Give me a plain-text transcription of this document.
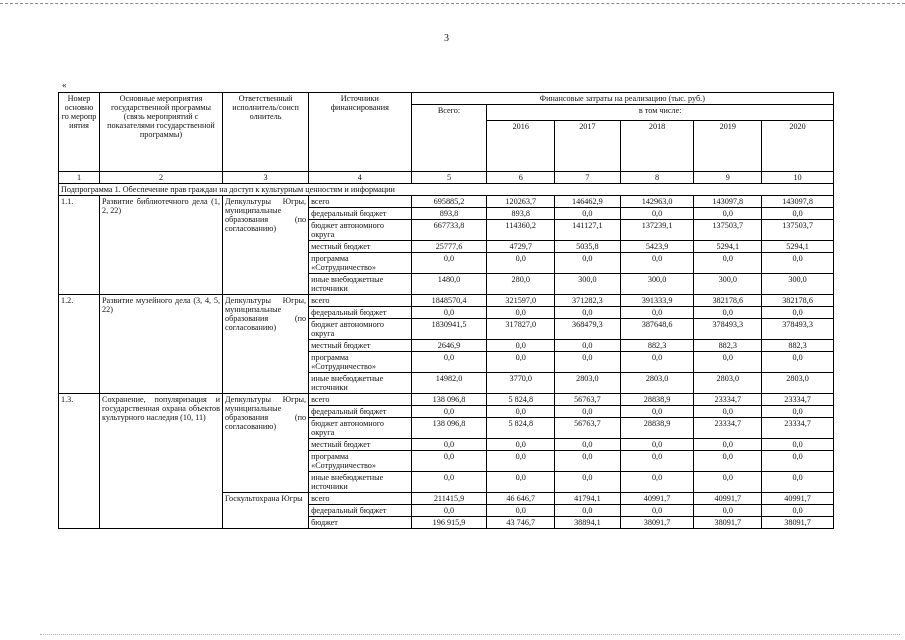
3
«
Номер основно го меропр иятия	Основные мероприятия государственной программы (связь мероприятий с показателями государственной программы)	Ответственный исполнитель/соисп олнитель	Источники финансирования	Финансовые затраты на реализацию (тыс. руб.)					
				Всего:	в том числе:				
					2016	2017	2018	2019	2020
1	2	3	4	5	6	7	8	9	10
Подпрограмма 1. Обеспечение прав граждан на доступ к культурным ценностям и информации									
1.1.	Развитие библиотечного дела (1, 2, 22)	Депкультуры Югры, муниципальные образования (по согласованию)	всего	695885,2	120263,7	146462,9	142963,0	143097,8	143097,8
			федеральный бюджет	893,8	893,8	0,0	0,0	0,0	0,0
			бюджет автономного округа	667733,8	114360,2	141127,1	137239,1	137503,7	137503,7
			местный бюджет	25777,6	4729,7	5035,8	5423,9	5294,1	5294,1
			программа «Сотрудничество»	0,0	0,0	0,0	0,0	0,0	0,0
			иные внебюджетные источники	1480,0	280,0	300,0	300,0	300,0	300,0
1.2.	Развитие музейного дела (3, 4, 5, 22)	Депкультуры Югры, муниципальные образования (по согласованию)	всего	1848570,4	321597,0	371282,3	391333,9	382178,6	382178,6
			федеральный бюджет	0,0	0,0	0,0	0,0	0,0	0,0
			бюджет автономного округа	1830941,5	317827,0	368479,3	387648,6	378493,3	378493,3
			местный бюджет	2646,9	0,0	0,0	882,3	882,3	882,3
			программа «Сотрудничество»	0,0	0,0	0,0	0,0	0,0	0,0
			иные внебюджетные источники	14982,0	3770,0	2803,0	2803,0	2803,0	2803,0
1.3.	Сохранение, популяризация и государственная охрана объектов культурного наследия (10, 11)	Депкультуры Югры, муниципальные образования (по согласованию)	всего	138 096,8	5 824,8	56763,7	28838,9	23334,7	23334,7
			федеральный бюджет	0,0	0,0	0,0	0,0	0,0	0,0
			бюджет автономного округа	138 096,8	5 824,8	56763,7	28838,9	23334,7	23334,7
			местный бюджет	0,0	0,0	0,0	0,0	0,0	0,0
			программа «Сотрудничество»	0,0	0,0	0,0	0,0	0,0	0,0
			иные внебюджетные источники	0,0	0,0	0,0	0,0	0,0	0,0
		Госкультохрана Югры	всего	211415,9	46 646,7	41794,1	40991,7	40991,7	40991,7
			федеральный бюджет	0,0	0,0	0,0	0,0	0,0	0,0
			бюджет	196 915,9	43 746,7	38894,1	38091,7	38091,7	38091,7
